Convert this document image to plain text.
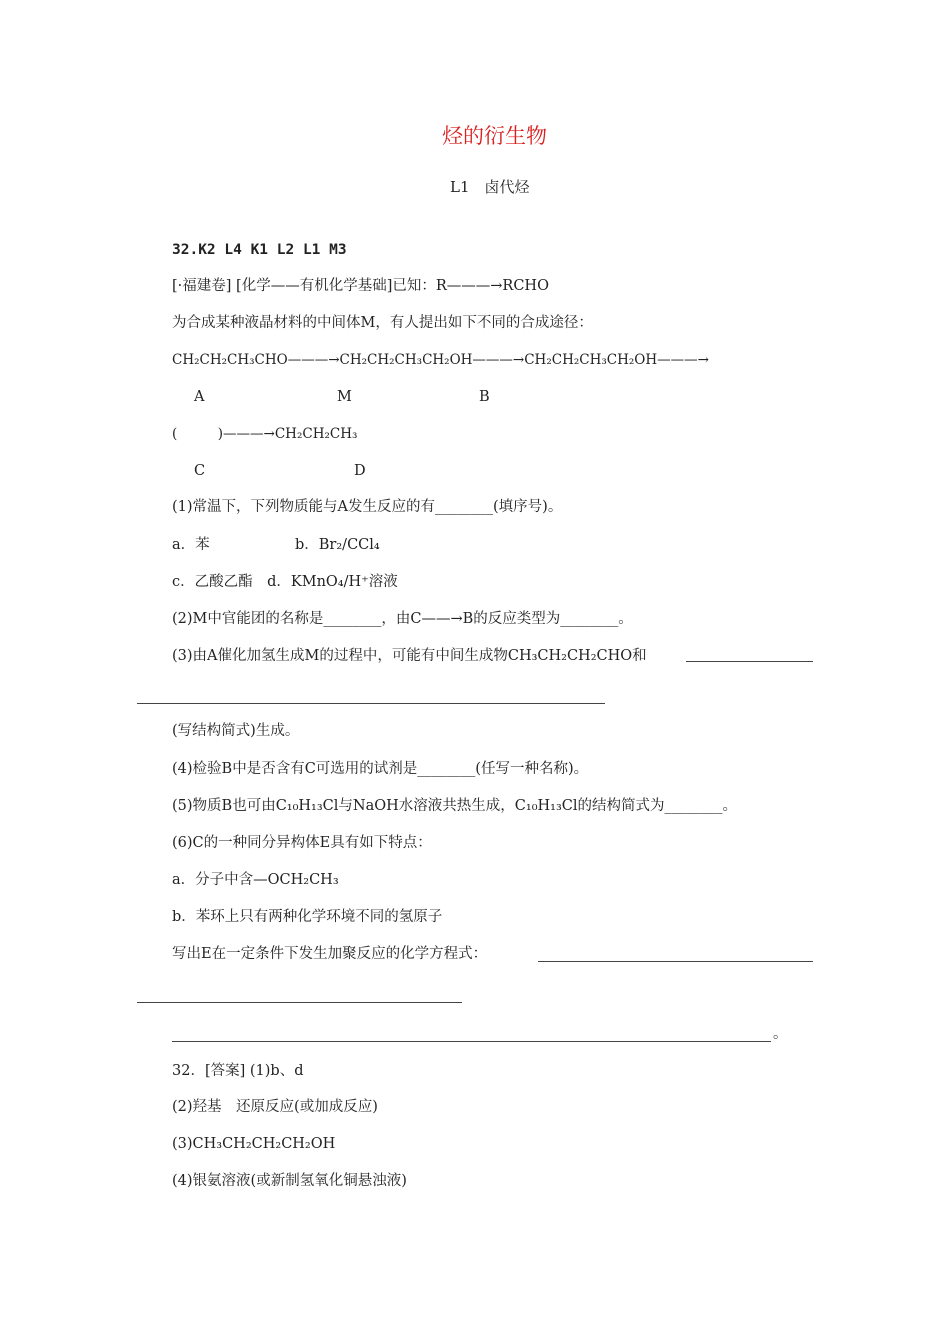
烃的衍生物
L1　卤代烃
32.K2 L4 K1 L2 L1 M3
[·福建卷] [化学——有机化学基础]已知：R———→RCHO
为合成某种液晶材料的中间体M，有人提出如下不同的合成途径：
CH₂CH₂CH₃CHO———→CH₂CH₂CH₃CH₂OH———→CH₂CH₂CH₃CH₂OH———→
A	M	B
(　　　)———→CH₂CH₂CH₃
C	D
(1)常温下，下列物质能与A发生反应的有________(填序号)。
a．苯	b．Br₂/CCl₄
c．乙酸乙酯　d．KMnO₄/H⁺溶液
(2)M中官能团的名称是________，由C——→B的反应类型为________。
(3)由A催化加氢生成M的过程中，可能有中间生成物CH₃CH₂CH₂CHO和
(写结构简式)生成。
(4)检验B中是否含有C可选用的试剂是________(任写一种名称)。
(5)物质B也可由C₁₀H₁₃Cl与NaOH水溶液共热生成，C₁₀H₁₃Cl的结构简式为________。
(6)C的一种同分异构体E具有如下特点：
a．分子中含—OCH₂CH₃
b．苯环上只有两种化学环境不同的氢原子
写出E在一定条件下发生加聚反应的化学方程式：
。
32．[答案] (1)b、d
(2)羟基　还原反应(或加成反应)
(3)CH₃CH₂CH₂CH₂OH
(4)银氨溶液(或新制氢氧化铜悬浊液)
